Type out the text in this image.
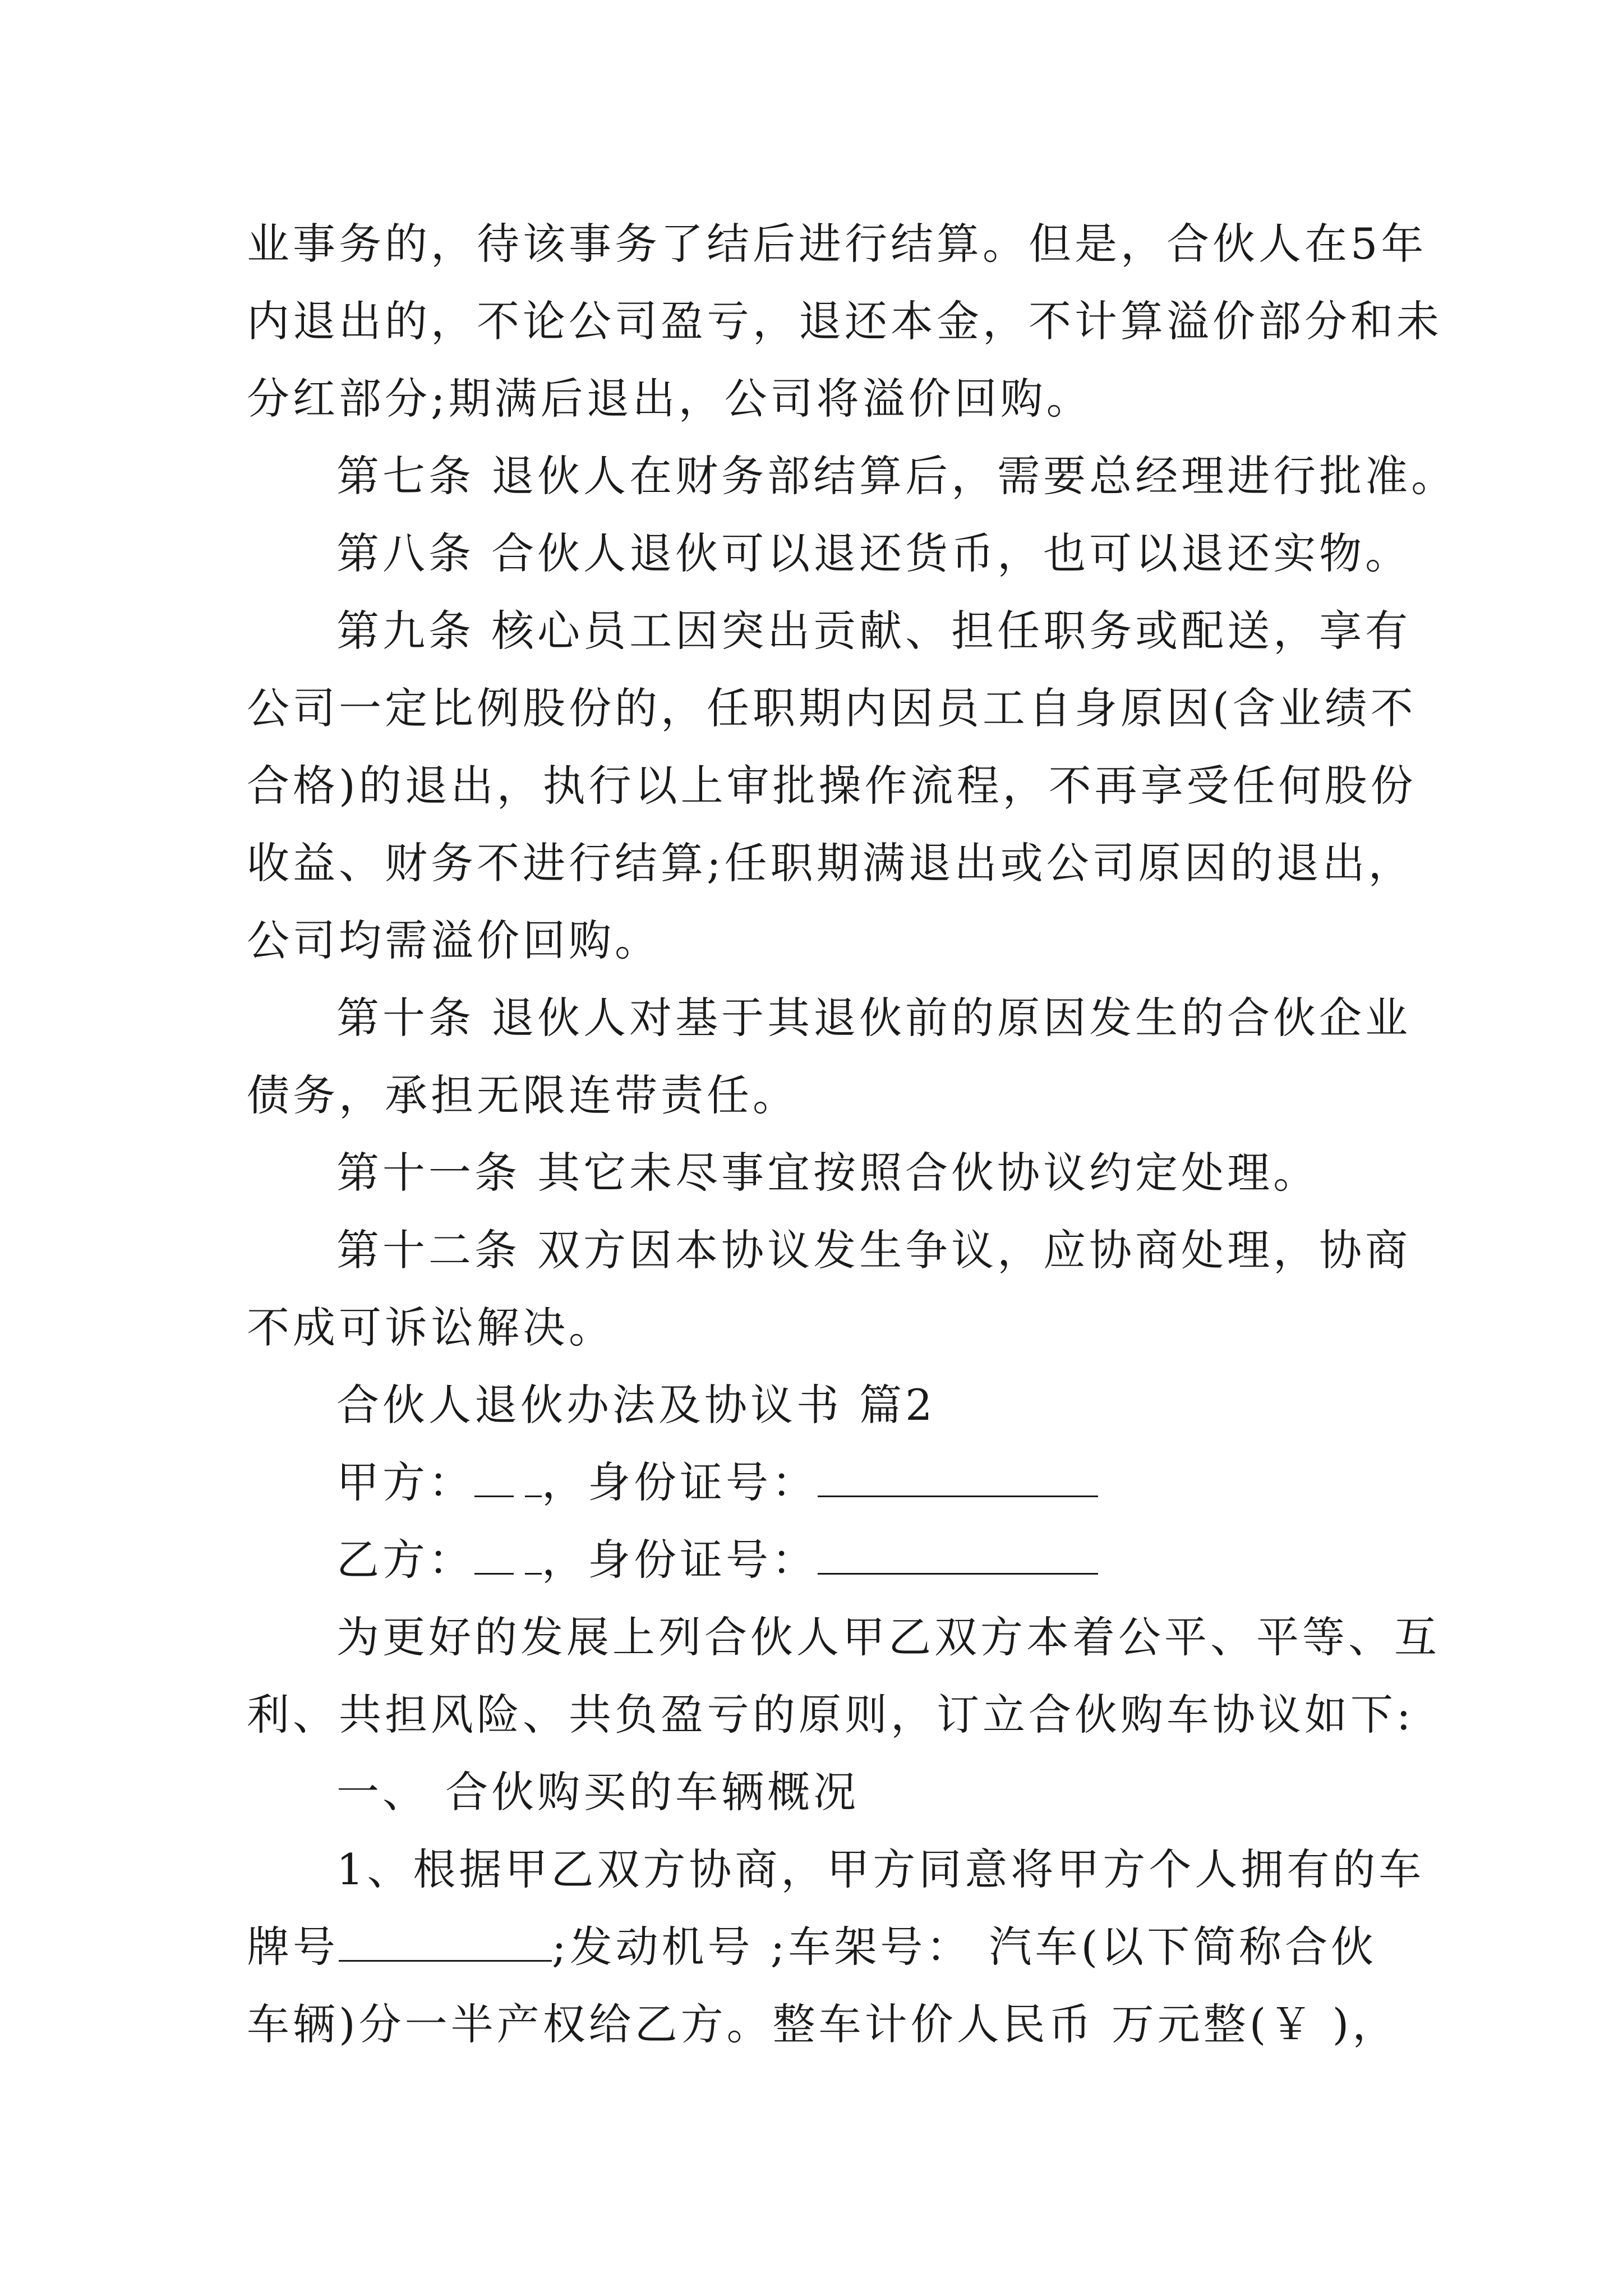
业事务的，待该事务了结后进行结算。但是，合伙人在5年
内退出的，不论公司盈亏，退还本金，不计算溢价部分和未
分红部分;期满后退出，公司将溢价回购。
第七条 退伙人在财务部结算后，需要总经理进行批准。
第八条 合伙人退伙可以退还货币，也可以退还实物。
第九条 核心员工因突出贡献、担任职务或配送，享有
公司一定比例股份的，任职期内因员工自身原因(含业绩不
合格)的退出，执行以上审批操作流程，不再享受任何股份
收益、财务不进行结算;任职期满退出或公司原因的退出，
公司均需溢价回购。
第十条 退伙人对基于其退伙前的原因发生的合伙企业
债务，承担无限连带责任。
第十一条 其它未尽事宜按照合伙协议约定处理。
第十二条 双方因本协议发生争议，应协商处理，协商
不成可诉讼解决。
合伙人退伙办法及协议书 篇2
甲方： ，身份证号：
乙方： ，身份证号：
为更好的发展上列合伙人甲乙双方本着公平、平等、互
利、共担风险、共负盈亏的原则，订立合伙购车协议如下:
一、 合伙购买的车辆概况
1、根据甲乙双方协商，甲方同意将甲方个人拥有的车
牌号	;发动机号 ;车架号： 汽车(以下简称合伙
车辆)分一半产权给乙方。整车计价人民币 万元整(￥ )，
